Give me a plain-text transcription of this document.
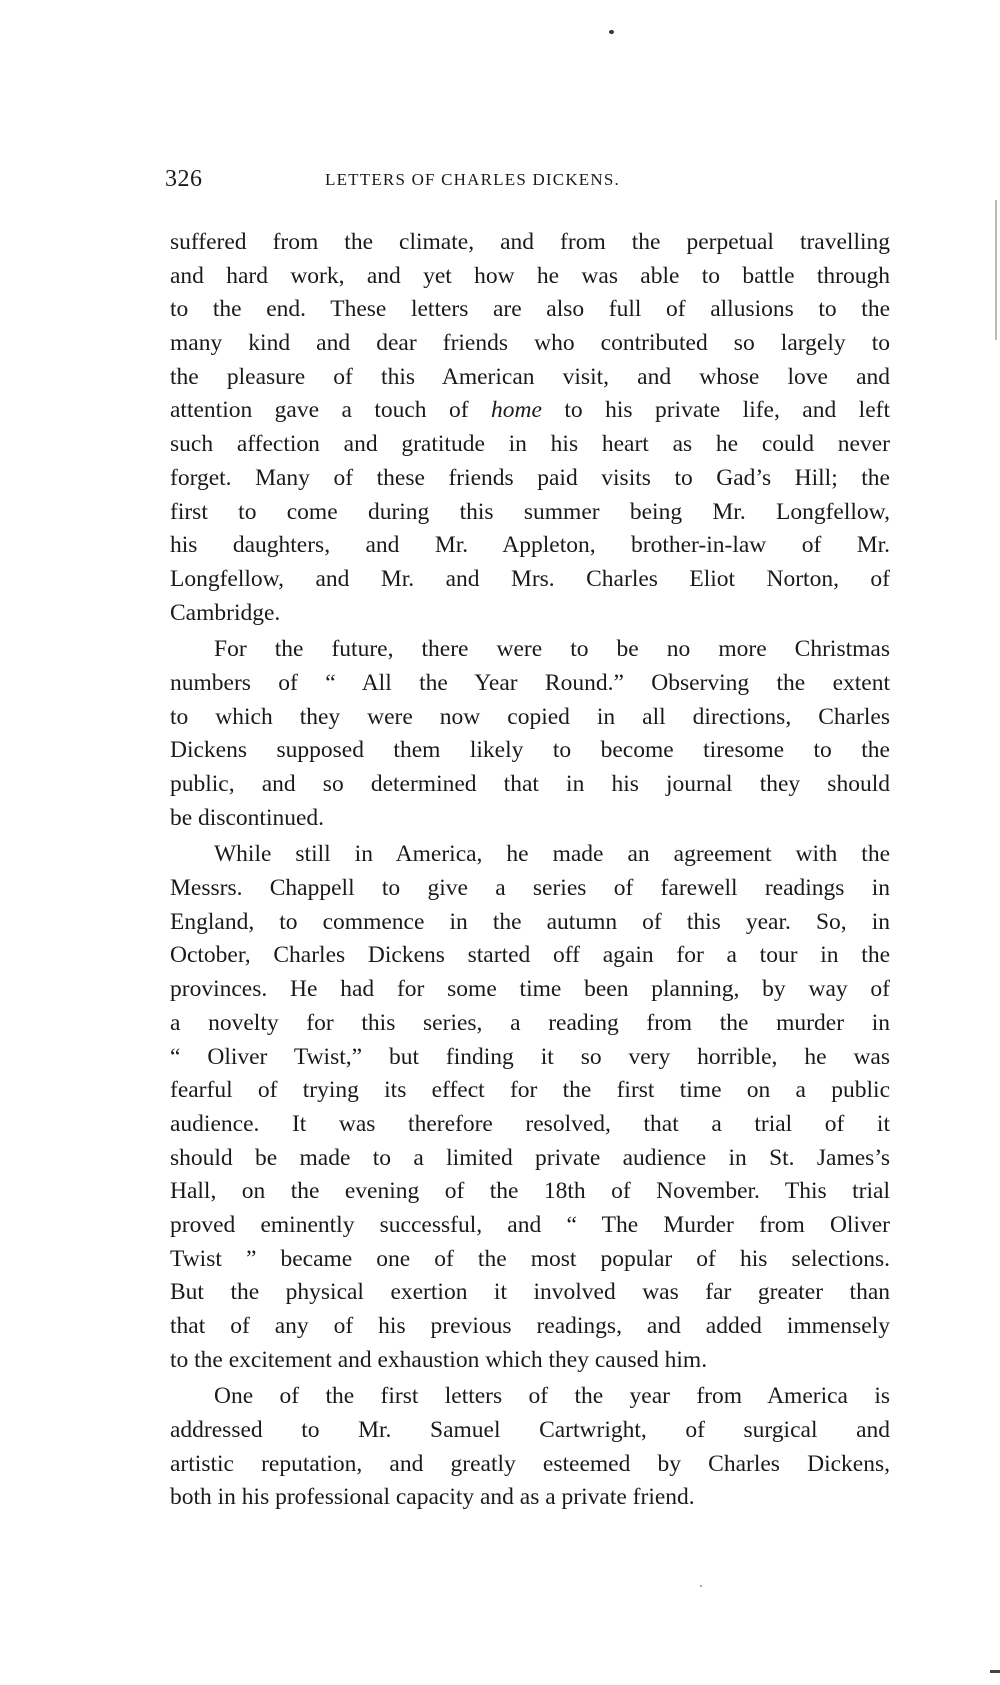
326	LETTERS OF CHARLES DICKENS.
suffered from the climate, and from the perpetual travelling
and hard work, and yet how he was able to battle through
to the end. These letters are also full of allusions to the
many kind and dear friends who contributed so largely to
the pleasure of this American visit, and whose love and
attention gave a touch of home to his private life, and left
such affection and gratitude in his heart as he could never
forget. Many of these friends paid visits to Gad’s Hill; the
first to come during this summer being Mr. Longfellow,
his daughters, and Mr. Appleton, brother-in-law of Mr.
Longfellow, and Mr. and Mrs. Charles Eliot Norton, of
Cambridge.
For the future, there were to be no more Christmas
numbers of “ All the Year Round.” Observing the extent
to which they were now copied in all directions, Charles
Dickens supposed them likely to become tiresome to the
public, and so determined that in his journal they should
be discontinued.
While still in America, he made an agreement with the
Messrs. Chappell to give a series of farewell readings in
England, to commence in the autumn of this year. So, in
October, Charles Dickens started off again for a tour in the
provinces. He had for some time been planning, by way of
a novelty for this series, a reading from the murder in
“ Oliver Twist,” but finding it so very horrible, he was
fearful of trying its effect for the first time on a public
audience. It was therefore resolved, that a trial of it
should be made to a limited private audience in St. James’s
Hall, on the evening of the 18th of November. This trial
proved eminently successful, and “ The Murder from Oliver
Twist ” became one of the most popular of his selections.
But the physical exertion it involved was far greater than
that of any of his previous readings, and added immensely
to the excitement and exhaustion which they caused him.
One of the first letters of the year from America is
addressed to Mr. Samuel Cartwright, of surgical and
artistic reputation, and greatly esteemed by Charles Dickens,
both in his professional capacity and as a private friend.
